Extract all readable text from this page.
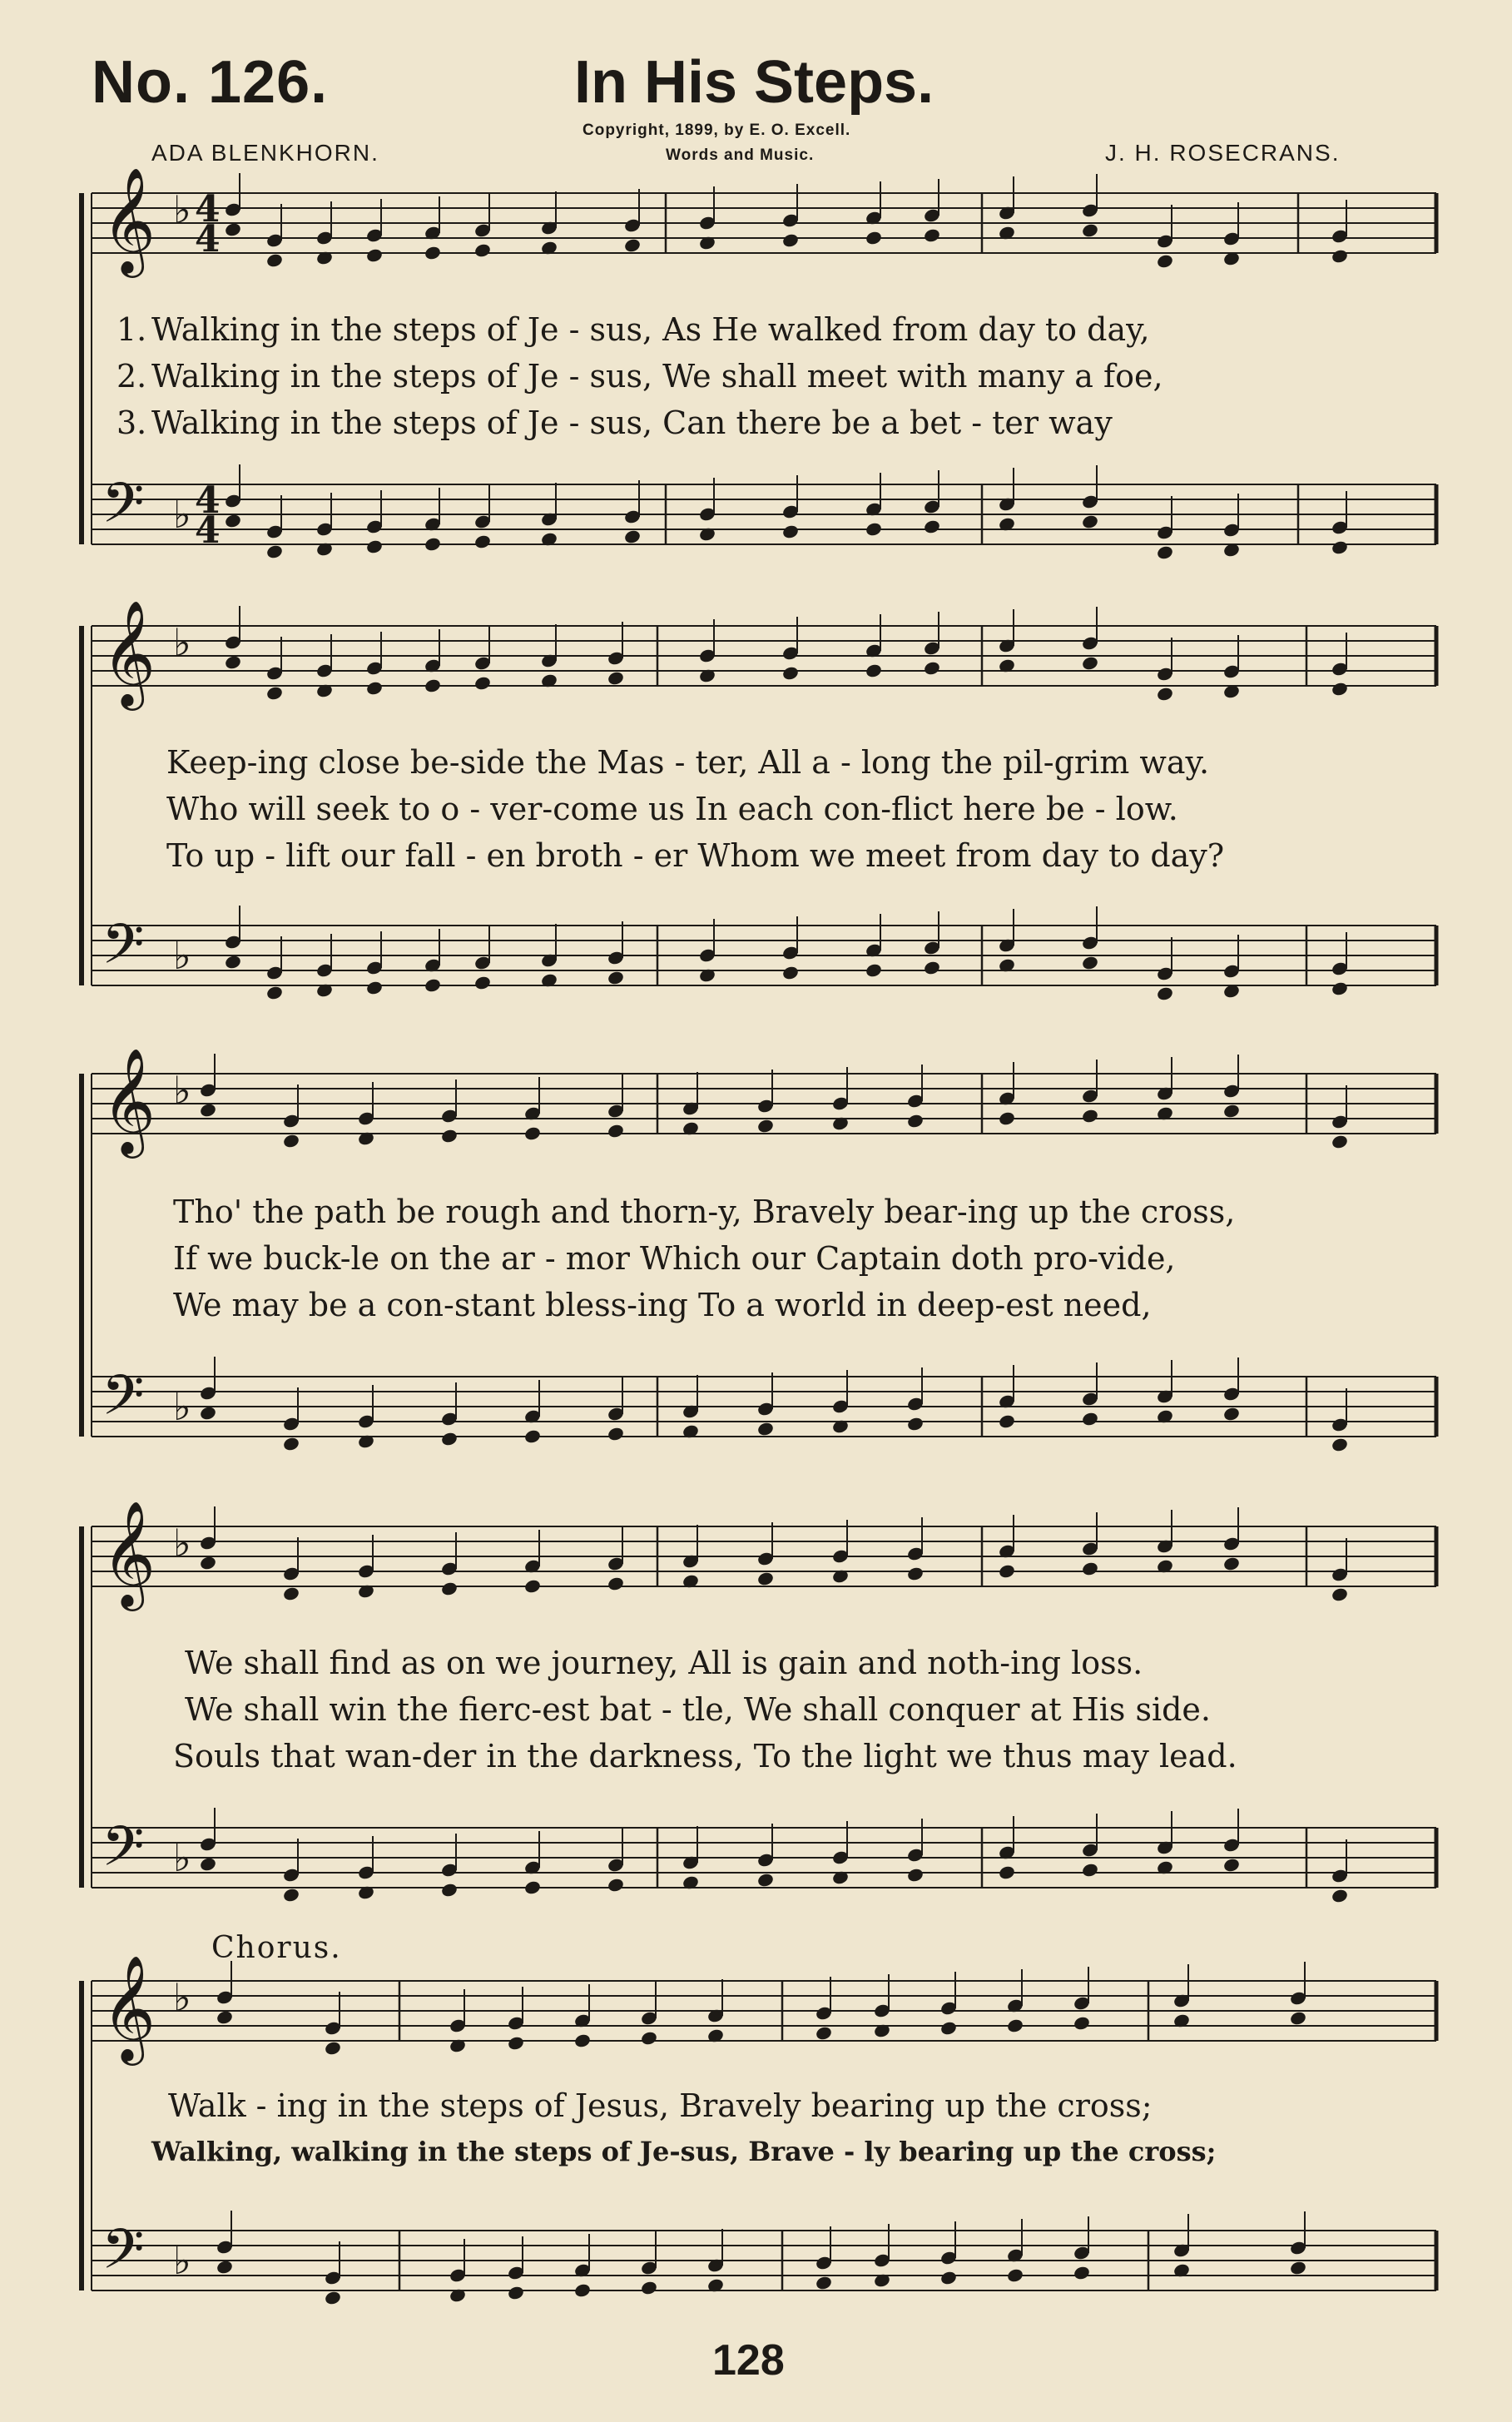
No. 126.	In His Steps.
Copyright, 1899, by E. O. Excell.
Words and Music.
ADA BLENKHORN.	J. H. ROSECRANS.
𝄞
𝄢
♭
♭
4
4
4
4
𝄞
𝄢
♭
♭
𝄞
𝄢
♭
♭
𝄞
𝄢
♭
♭
𝄞
𝄢
♭
♭
Walking in the steps of Je - sus, As He walked from day to day,
Walking in the steps of Je - sus, We shall meet with many a foe,
Walking in the steps of Je - sus, Can there be a bet - ter way
1.
2.
3.
Keep-ing close be-side the Mas - ter, All a - long the pil-grim way.
Who will seek to o - ver-come us In each con-flict here be - low.
To up - lift our fall - en broth - er Whom we meet from day to day?
Tho' the path be rough and thorn-y, Bravely bear-ing up the cross,
If we buck-le on the ar - mor Which our Captain doth pro-vide,
We may be a con-stant bless-ing To a world in deep-est need,
We shall find as on we journey, All is gain and noth-ing loss.
We shall win the fierc-est bat - tle, We shall conquer at His side.
Souls that wan-der in the darkness, To the light we thus may lead.
Chorus.
Walk - ing in the steps of Jesus, Bravely bearing up the cross;
Walking, walking in the steps of Je-sus, Brave - ly bearing up the cross;
128
